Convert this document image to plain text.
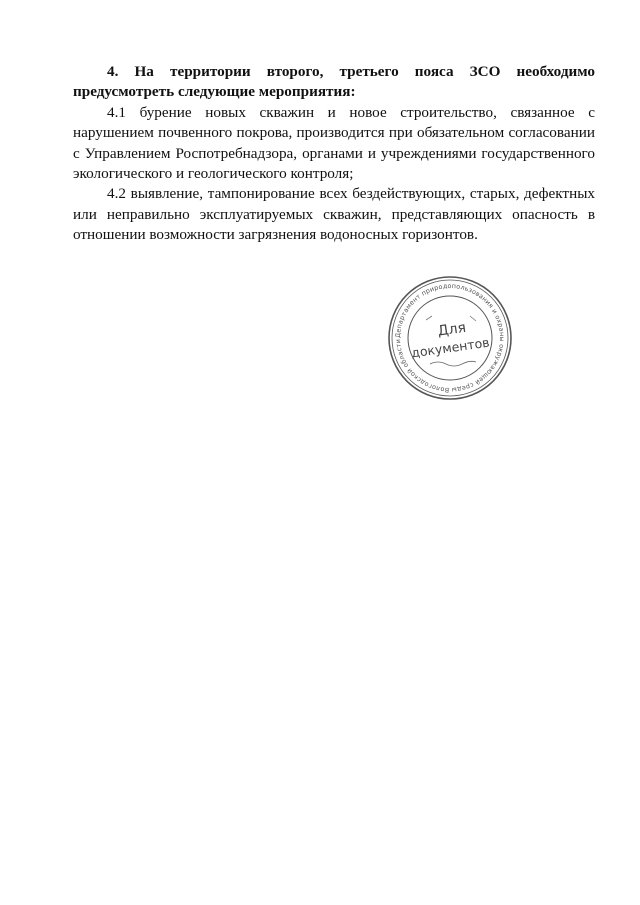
4. На территории второго, третьего пояса ЗСО необходимо предусмотреть следующие мероприятия:

4.1 бурение новых скважин и новое строительство, связанное с нарушением почвенного покрова, производится при обязательном согласовании с Управлением Роспотребнадзора, органами и учреждениями государственного экологического и геологического контроля;

4.2 выявление, тампонирование всех бездействующих, старых, дефектных или неправильно эксплуатируемых скважин, представляющих опасность в отношении возможности загрязнения водоносных горизонтов.

Департамент природопользования и охраны окружающей среды Вологодской области
Для
документов
